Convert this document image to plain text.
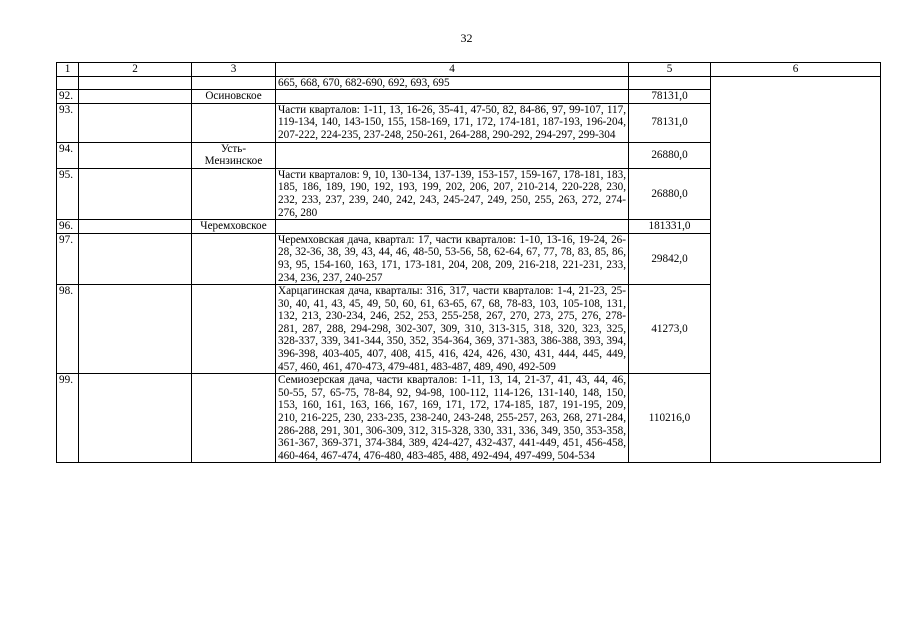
32
1	2	3	4	5	6
			665, 668, 670, 682-690, 692, 693, 695		
92.		Осиновское		78131,0	
93.			Части кварталов: 1-11, 13, 16-26, 35-41, 47-50, 82, 84-86, 97, 99-107, 117, 119-134, 140, 143-150, 155, 158-169, 171, 172, 174-181, 187-193, 196-204, 207-222, 224-235, 237-248, 250-261, 264-288, 290-292, 294-297, 299-304	78131,0	
94.		Усть-Мензинское		26880,0	
95.			Части кварталов: 9, 10, 130-134, 137-139, 153-157, 159-167, 178-181, 183, 185, 186, 189, 190, 192, 193, 199, 202, 206, 207, 210-214, 220-228, 230, 232, 233, 237, 239, 240, 242, 243, 245-247, 249, 250, 255, 263, 272, 274-276, 280	26880,0	
96.		Черемховское		181331,0	
97.			Черемховская дача, квартал: 17, части кварталов: 1-10, 13-16, 19-24, 26-28, 32-36, 38, 39, 43, 44, 46, 48-50, 53-56, 58, 62-64, 67, 77, 78, 83, 85, 86, 93, 95, 154-160, 163, 171, 173-181, 204, 208, 209, 216-218, 221-231, 233, 234, 236, 237, 240-257	29842,0	
98.			Харцагинская дача, кварталы: 316, 317, части кварталов: 1-4, 21-23, 25-30, 40, 41, 43, 45, 49, 50, 60, 61, 63-65, 67, 68, 78-83, 103, 105-108, 131, 132, 213, 230-234, 246, 252, 253, 255-258, 267, 270, 273, 275, 276, 278-281, 287, 288, 294-298, 302-307, 309, 310, 313-315, 318, 320, 323, 325, 328-337, 339, 341-344, 350, 352, 354-364, 369, 371-383, 386-388, 393, 394, 396-398, 403-405, 407, 408, 415, 416, 424, 426, 430, 431, 444, 445, 449, 457, 460, 461, 470-473, 479-481, 483-487, 489, 490, 492-509	41273,0	
99.			Семиозерская дача, части кварталов: 1-11, 13, 14, 21-37, 41, 43, 44, 46, 50-55, 57, 65-75, 78-84, 92, 94-98, 100-112, 114-126, 131-140, 148, 150, 153, 160, 161, 163, 166, 167, 169, 171, 172, 174-185, 187, 191-195, 209, 210, 216-225, 230, 233-235, 238-240, 243-248, 255-257, 263, 268, 271-284, 286-288, 291, 301, 306-309, 312, 315-328, 330, 331, 336, 349, 350, 353-358, 361-367, 369-371, 374-384, 389, 424-427, 432-437, 441-449, 451, 456-458, 460-464, 467-474, 476-480, 483-485, 488, 492-494, 497-499, 504-534	110216,0	
